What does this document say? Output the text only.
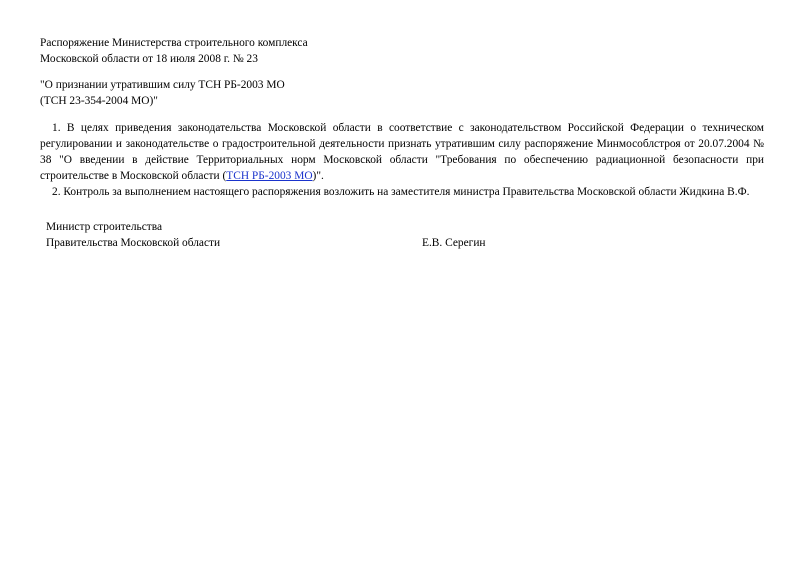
Распоряжение Министерства строительного комплекса
Московской области от 18 июля 2008 г. № 23
"О признании утратившим силу ТСН РБ-2003 МО
(ТСН 23-354-2004 МО)"

1. В целях приведения законодательства Московской области в соответствие с законодательством Российской Федерации о техническом регулировании и законодательстве о градостроительной деятельности признать утратившим силу распоряжение Минмособлстроя от 20.07.2004 № 38 "О введении в действие Территориальных норм Московской области "Требования по обеспечению радиационной безопасности при строительстве в Московской области (ТСН РБ-2003 МО)".

2. Контроль за выполнением настоящего распоряжения возложить на заместителя министра Правительства Московской области Жидкина В.Ф.

Министр строительства
Правительства Московской области	Е.В. Серегин
